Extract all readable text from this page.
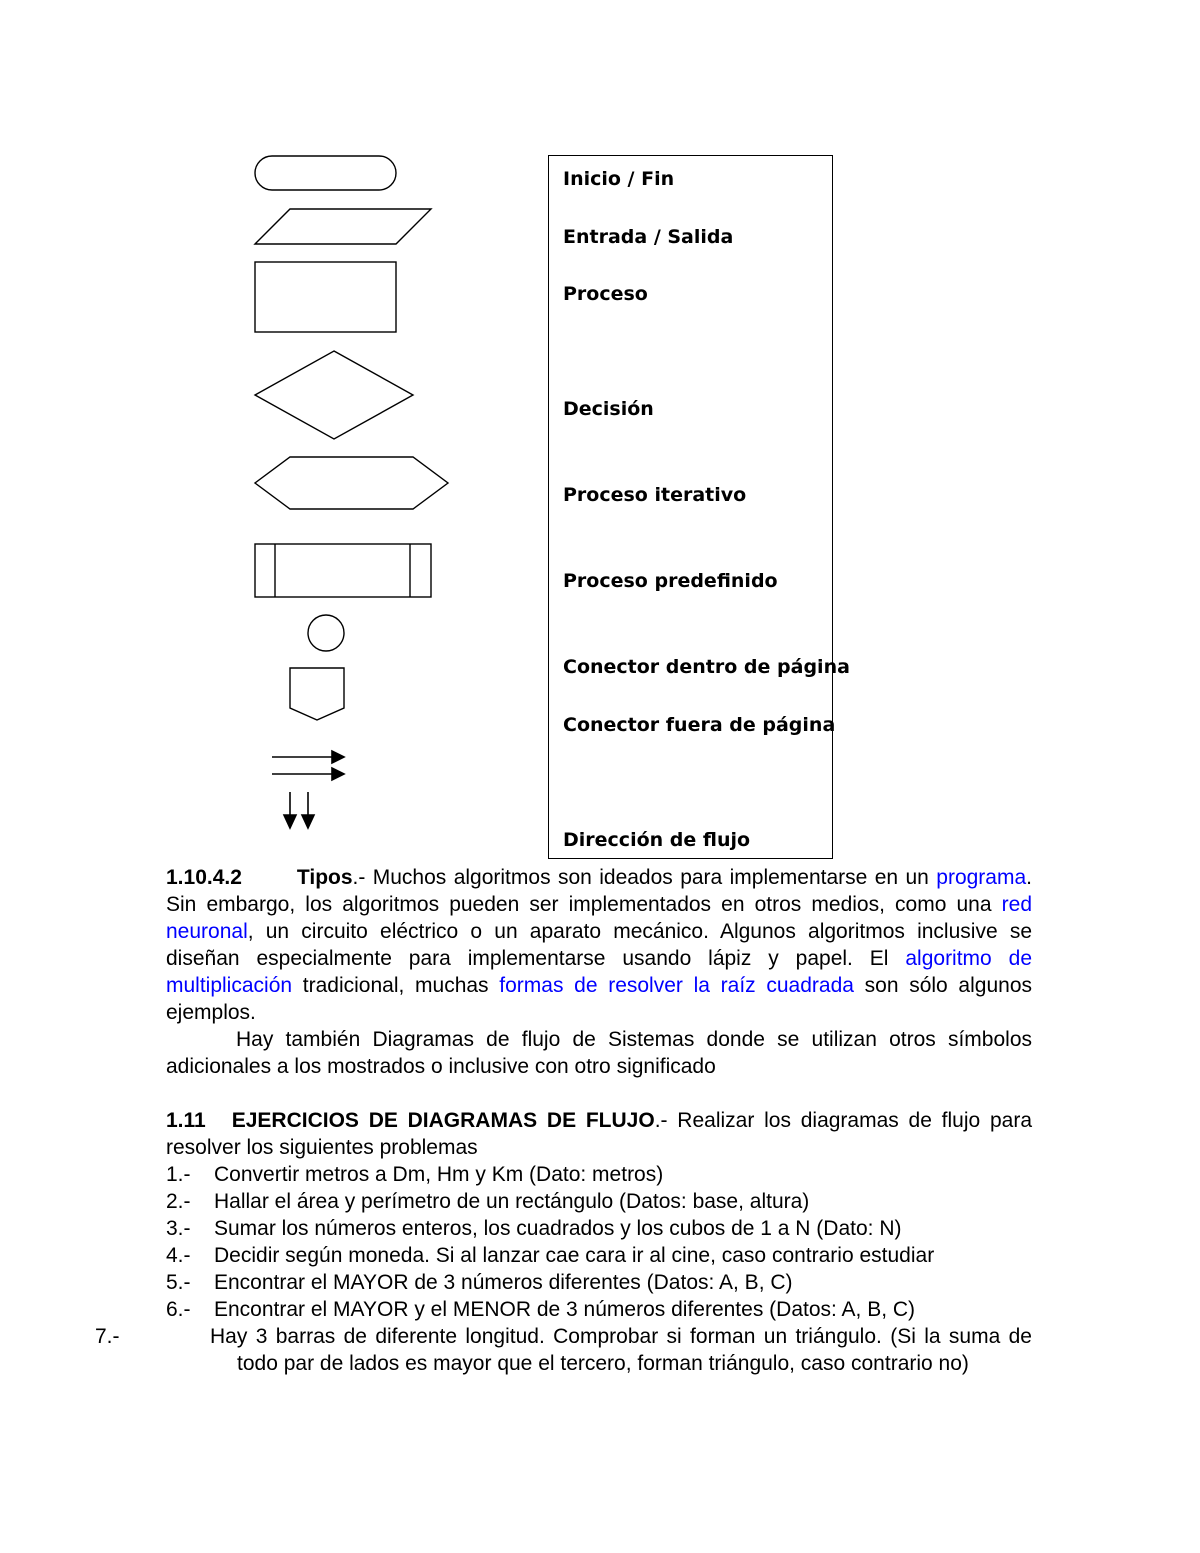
Inicio / Fin

Entrada / Salida

Proceso

Decisión

Proceso iterativo

Proceso predefinido

Conector dentro de página

Conector fuera de página

Dirección de flujo

1.10.4.2	Tipos.- Muchos algoritmos son ideados para implementarse en un programa. Sin embargo, los algoritmos pueden ser implementados en otros medios, como una red neuronal, un circuito eléctrico o un aparato mecánico. Algunos algoritmos inclusive se diseñan especialmente para implementarse usando lápiz y papel. El algoritmo de multiplicación tradicional, muchas formas de resolver la raíz cuadrada son sólo algunos ejemplos.

Hay también Diagramas de flujo de Sistemas donde se utilizan otros símbolos adicionales a los mostrados o inclusive con otro significado

1.11 EJERCICIOS DE DIAGRAMAS DE FLUJO.- Realizar los diagramas de flujo para resolver los siguientes problemas

1.- Convertir metros a Dm, Hm y Km (Dato: metros)

2.- Hallar el área y perímetro de un rectángulo (Datos: base, altura)

3.- Sumar los números enteros, los cuadrados y los cubos de 1 a N (Dato: N)

4.- Decidir según moneda. Si al lanzar cae cara ir al cine, caso contrario estudiar

5.- Encontrar el MAYOR de 3 números diferentes (Datos: A, B, C)

6.- Encontrar el MAYOR y el MENOR de 3 números diferentes (Datos: A, B, C)

7.-	Hay 3 barras de diferente longitud. Comprobar si forman un triángulo. (Si la suma de todo par de lados es mayor que el tercero, forman triángulo, caso contrario no)
